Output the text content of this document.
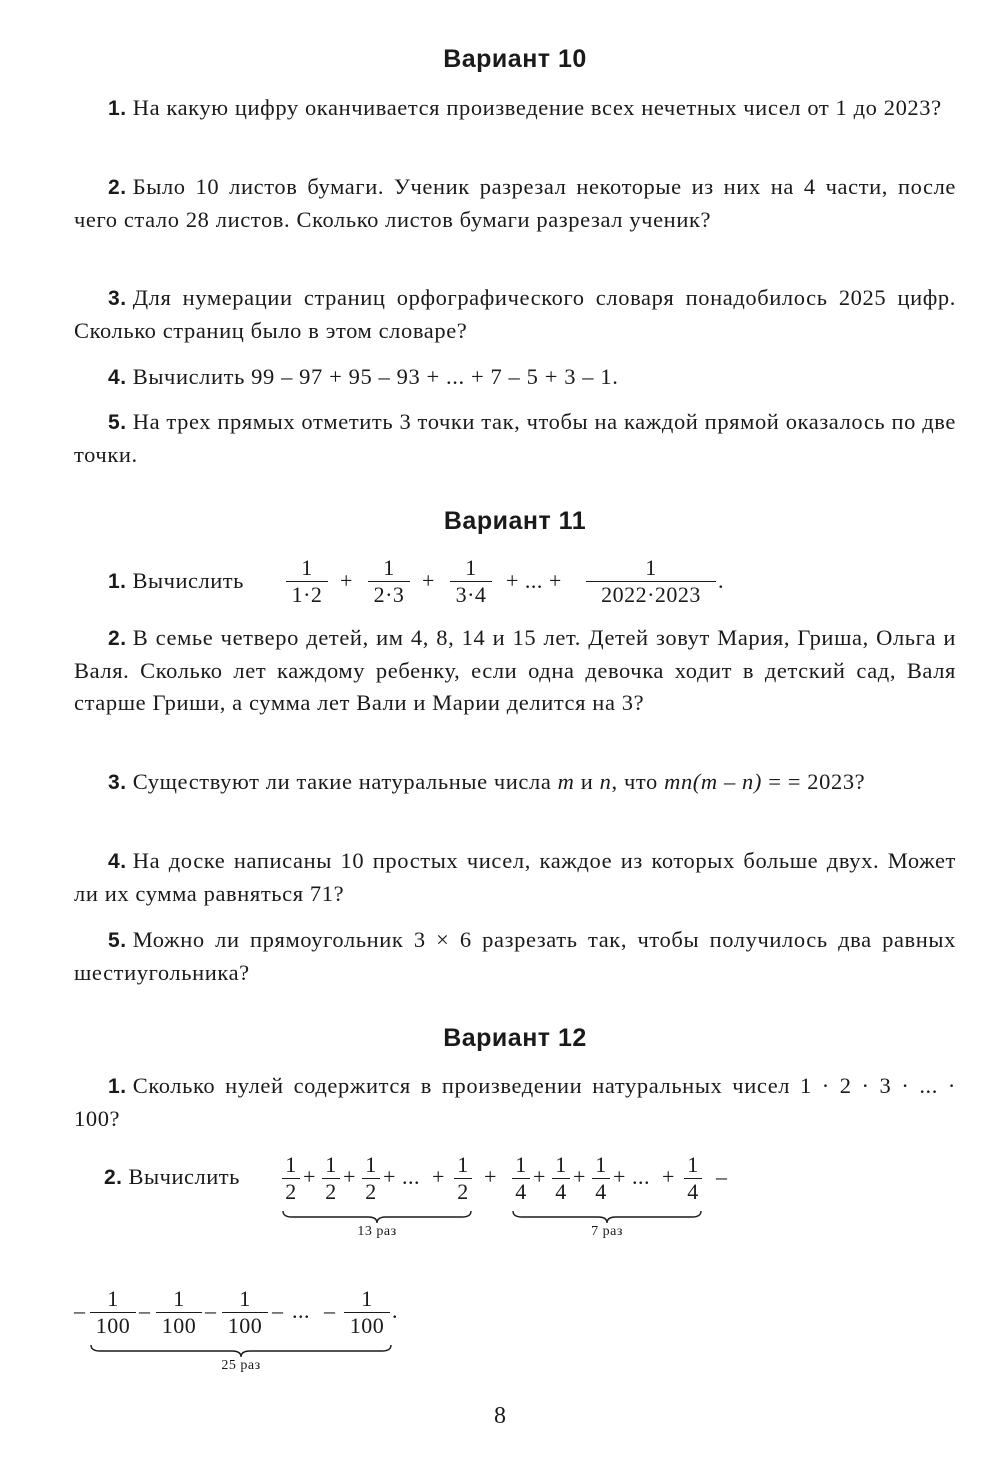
Вариант 10
1. На какую цифру оканчивается произведение всех нечетных чисел от 1 до 2023?
2. Было 10 листов бумаги. Ученик разрезал некоторые из них на 4 части, после чего стало 28 листов. Сколько листов бумаги разрезал ученик?
3. Для нумерации страниц орфографического словаря понадобилось 2025 цифр. Сколько страниц было в этом словаре?
4. Вычислить 99 – 97 + 95 – 93 + ... + 7 – 5 + 3 – 1.
5. На трех прямых отметить 3 точки так, чтобы на каждой прямой оказалось по две точки.
Вариант 11
1. Вычислить $\frac{1}{1\cdot 2} + \frac{1}{2\cdot 3} + \frac{1}{3\cdot 4}$ + ... + $\frac{1}{2022\cdot 2023}$ .
2. В семье четверо детей, им 4, 8, 14 и 15 лет. Детей зовут Мария, Гриша, Ольга и Валя. Сколько лет каждому ребенку, если одна девочка ходит в детский сад, Валя старше Гриши, а сумма лет Вали и Марии делится на 3?
3. Существуют ли такие натуральные числа m и n, что mn(m – n) = = 2023?
4. На доске написаны 10 простых чисел, каждое из которых больше двух. Может ли их сумма равняться 71?
5. Можно ли прямоугольник 3 × 6 разрезать так, чтобы получилось два равных шестиугольника?
Вариант 12
1. Сколько нулей содержится в произведении натуральных чисел 1 · 2 · 3 · ... · 100?
2. Вычислить $\frac{1}{2} + \frac{1}{2} + \frac{1}{2}$ + ... + $\frac{1}{2}$
13 раз
+ $\frac{1}{4} + \frac{1}{4} + \frac{1}{4}$ + ... + $\frac{1}{4}$
7 раз
–
– $\frac{1}{100} - \frac{1}{100} - \frac{1}{100}$ – ... – $\frac{1}{100}$ .
25 раз
8
